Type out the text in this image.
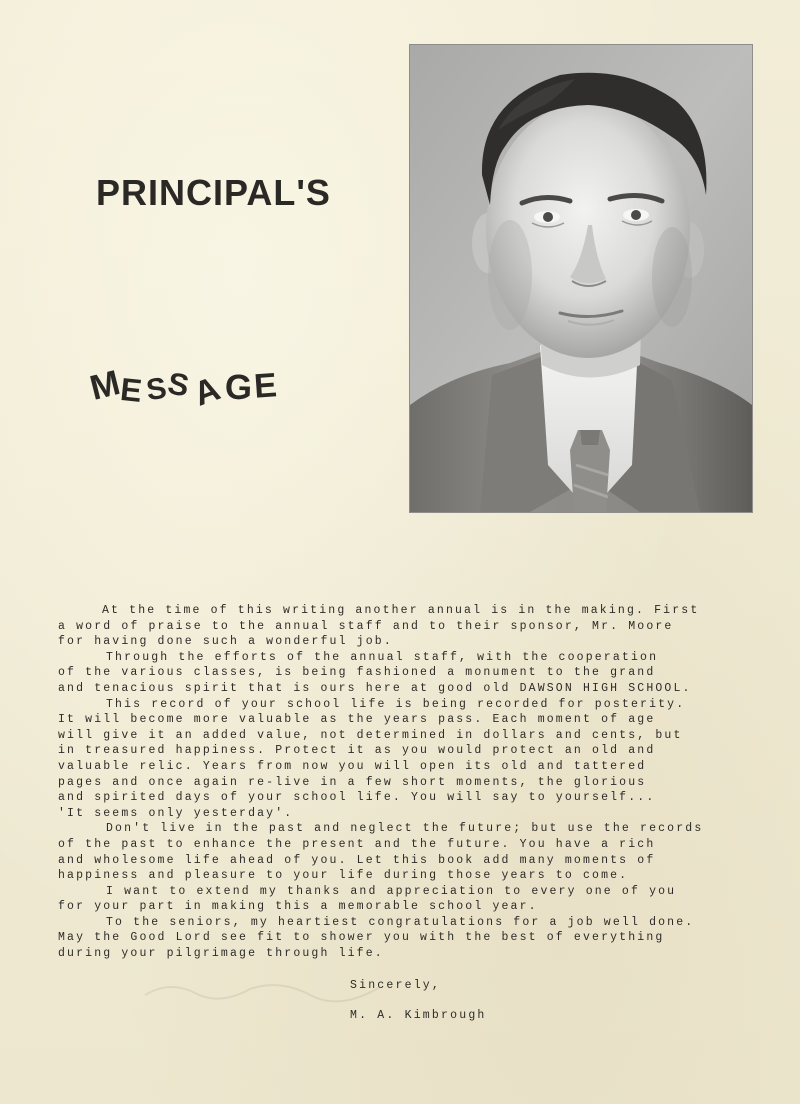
PRINCIPAL'S
MESSAGE
At the time of this writing another annual is in the making. First
a word of praise to the annual staff and to their sponsor, Mr. Moore
for having done such a wonderful job.
Through the efforts of the annual staff, with the cooperation
of the various classes, is being fashioned a monument to the grand
and tenacious spirit that is ours here at good old DAWSON HIGH SCHOOL.
This record of your school life is being recorded for posterity.
It will become more valuable as the years pass. Each moment of age
will give it an added value, not determined in dollars and cents, but
in treasured happiness. Protect it as you would protect an old and
valuable relic. Years from now you will open its old and tattered
pages and once again re-live in a few short moments, the glorious
and spirited days of your school life. You will say to yourself...
'It seems only yesterday'.
Don't live in the past and neglect the future; but use the records
of the past to enhance the present and the future. You have a rich
and wholesome life ahead of you. Let this book add many moments of
happiness and pleasure to your life during those years to come.
I want to extend my thanks and appreciation to every one of you
for your part in making this a memorable school year.
To the seniors, my heartiest congratulations for a job well done.
May the Good Lord see fit to shower you with the best of everything
during your pilgrimage through life.
Sincerely,
M. A. Kimbrough
